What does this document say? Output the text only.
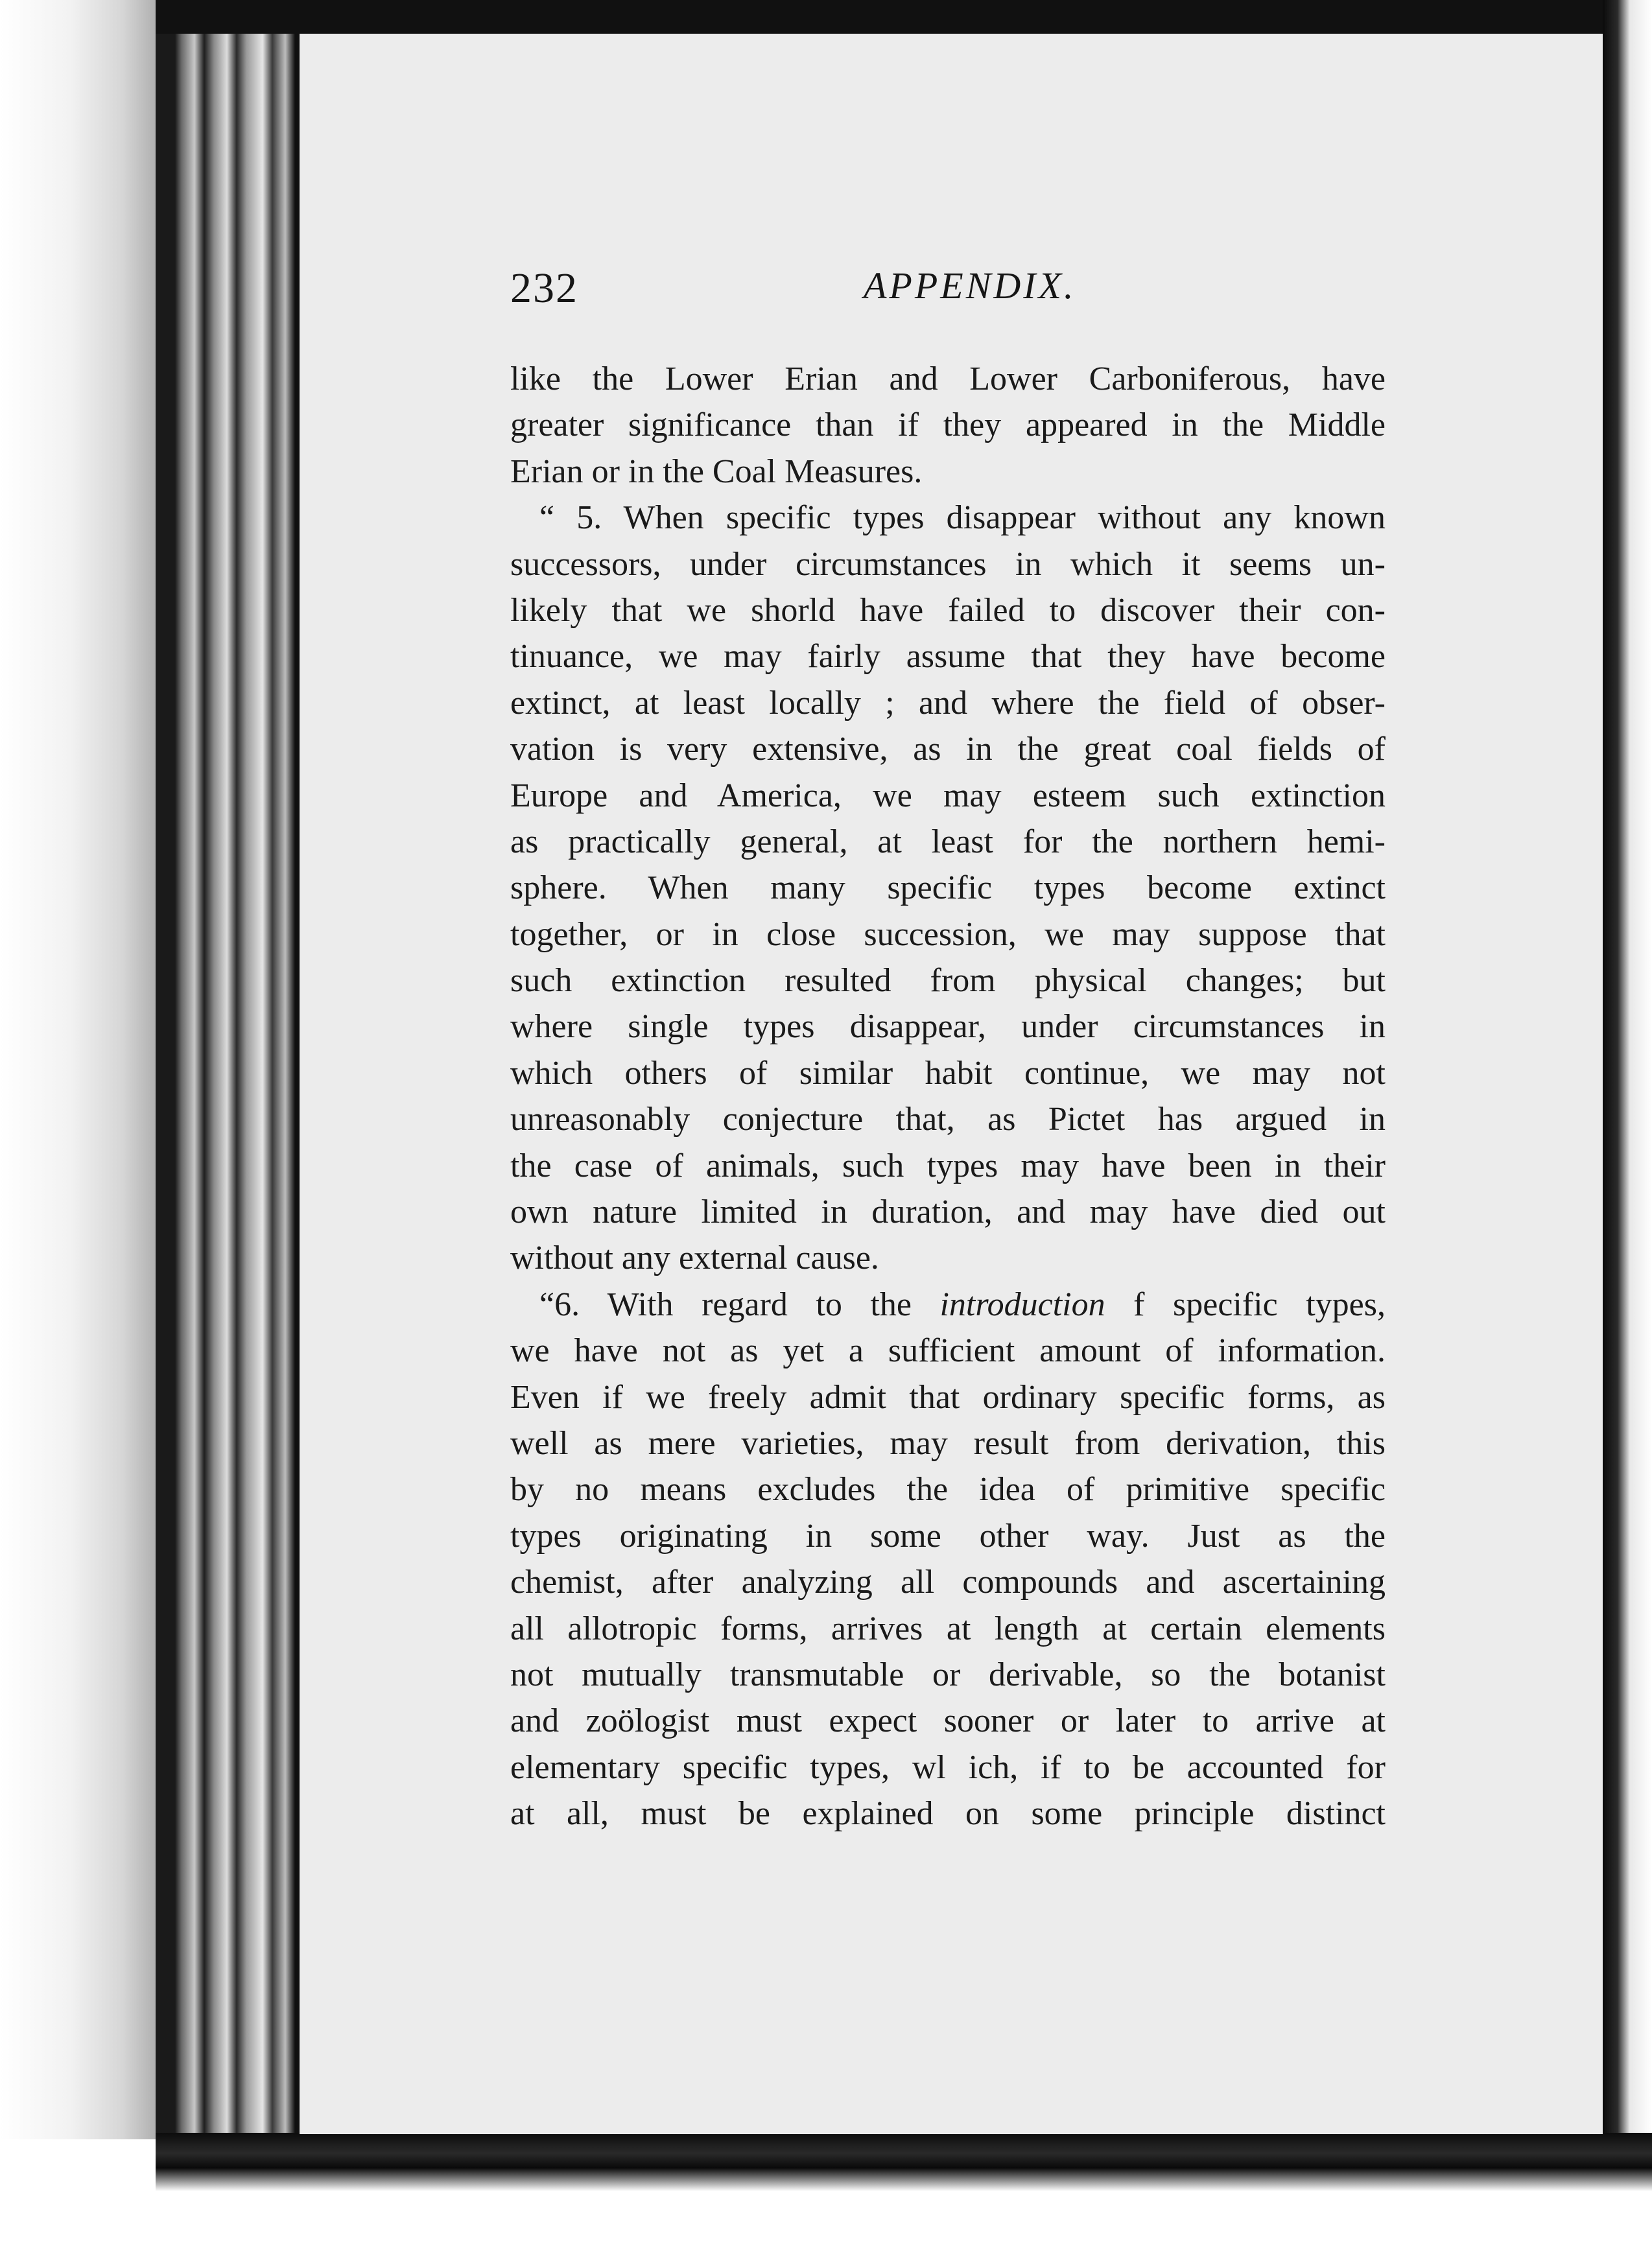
232	APPENDIX.
like the Lower Erian and Lower Carboniferous, have
greater significance than if they appeared in the Middle
Erian or in the Coal Measures.
“ 5. When specific types disappear without any known
successors, under circumstances in which it seems un-
likely that we shorld have failed to discover their con-
tinuance, we may fairly assume that they have become
extinct, at least locally ; and where the field of obser-
vation is very extensive, as in the great coal fields of
Europe and America, we may esteem such extinction
as practically general, at least for the northern hemi-
sphere. When many specific types become extinct
together, or in close succession, we may suppose that
such extinction resulted from physical changes; but
where single types disappear, under circumstances in
which others of similar habit continue, we may not
unreasonably conjecture that, as Pictet has argued in
the case of animals, such types may have been in their
own nature limited in duration, and may have died out
without any external cause.
“6. With regard to the introduction f specific types,
we have not as yet a sufficient amount of information.
Even if we freely admit that ordinary specific forms, as
well as mere varieties, may result from derivation, this
by no means excludes the idea of primitive specific
types originating in some other way. Just as the
chemist, after analyzing all compounds and ascertaining
all allotropic forms, arrives at length at certain elements
not mutually transmutable or derivable, so the botanist
and zoölogist must expect sooner or later to arrive at
elementary specific types, wl ich, if to be accounted for
at all, must be explained on some principle distinct
